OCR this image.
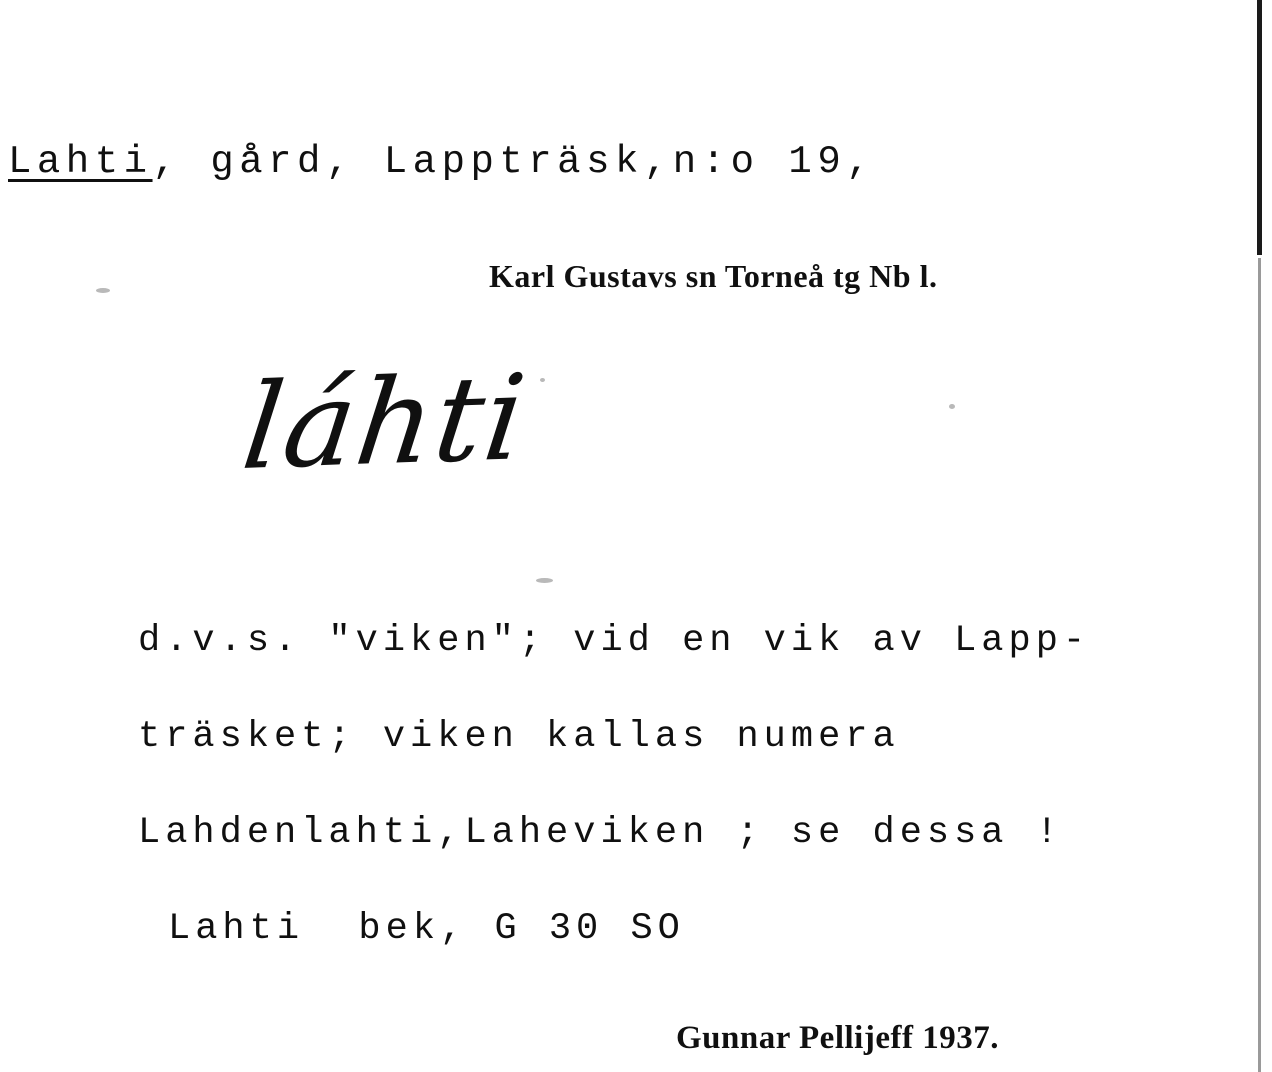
Lahti, gård, Lappträsk,n:o 19,
Karl Gustavs sn Torneå tg Nb l.
láhti
d.v.s. "viken"; vid en vik av Lapp-
träsket; viken kallas numera
Lahdenlahti,Laheviken ; se dessa !
Lahti  bek, G 30 SO
Gunnar Pellijeff 1937.
